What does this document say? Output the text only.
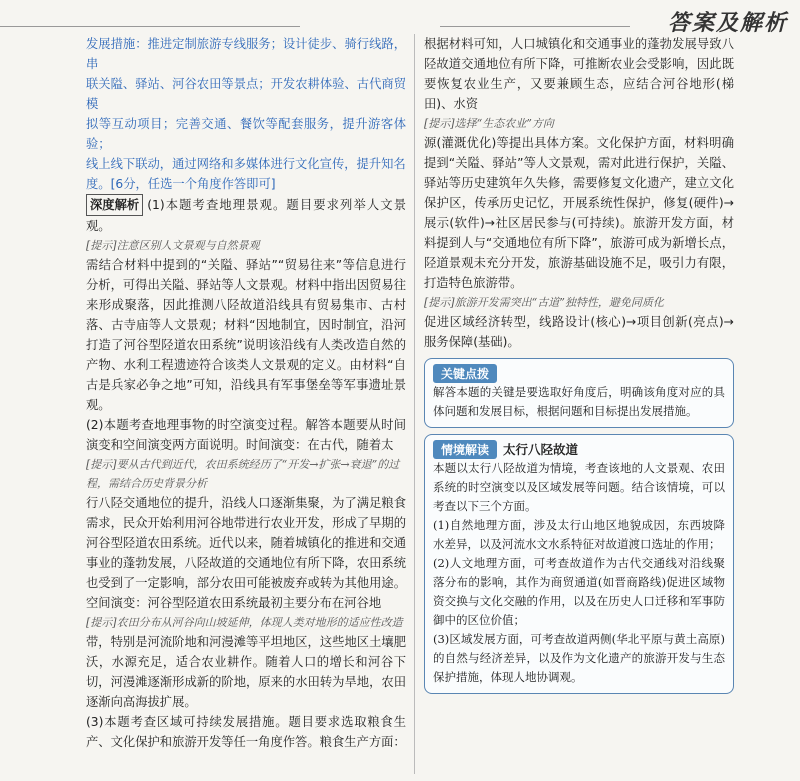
答案及解析
发展措施：推进定制旅游专线服务；设计徒步、骑行线路，串
联关隘、驿站、河谷农田等景点；开发农耕体验、古代商贸模
拟等互动项目；完善交通、餐饮等配套服务，提升游客体验；
线上线下联动，通过网络和多媒体进行文化宣传，提升知名
度。[6分，任选一个角度作答即可]
深度解析 (1)本题考查地理景观。题目要求列举人文景观。
[提示]注意区别人文景观与自然景观

需结合材料中提到的“关隘、驿站”“贸易往来”等信息进行分析，可得出关隘、驿站等人文景观。材料中指出因贸易往来形成聚落，因此推测八陉故道沿线具有贸易集市、古村落、古寺庙等人文景观；材料“因地制宜，因时制宜，沿河打造了河谷型陉道农田系统”说明该沿线有人类改造自然的产物、水利工程遗迹符合该类人文景观的定义。由材料“自古是兵家必争之地”可知，沿线具有军事堡垒等军事遗址景观。

(2)本题考查地理事物的时空演变过程。解答本题要从时间演变和空间演变两方面说明。时间演变：在古代，随着太

[提示]要从古代到近代，农田系统经历了“开发→扩张→衰退”的过程，需结合历史背景分析

行八陉交通地位的提升，沿线人口逐渐集聚，为了满足粮食需求，民众开始利用河谷地带进行农业开发，形成了早期的河谷型陉道农田系统。近代以来，随着城镇化的推进和交通事业的蓬勃发展，八陉故道的交通地位有所下降，农田系统也受到了一定影响，部分农田可能被废弃或转为其他用途。空间演变：河谷型陉道农田系统最初主要分布在河谷地

[提示]农田分布从河谷向山坡延伸，体现人类对地形的适应性改造

带，特别是河流阶地和河漫滩等平坦地区，这些地区土壤肥沃，水源充足，适合农业耕作。随着人口的增长和河谷下切，河漫滩逐渐形成新的阶地，原来的水田转为旱地，农田逐渐向高海拔扩展。

(3)本题考查区域可持续发展措施。题目要求选取粮食生产、文化保护和旅游开发等任一角度作答。粮食生产方面：

根据材料可知，人口城镇化和交通事业的蓬勃发展导致八陉故道交通地位有所下降，可推断农业会受影响，因此既要恢复农业生产，又要兼顾生态，应结合河谷地形(梯田)、水资

[提示]选择“生态农业”方向

源(灌溉优化)等提出具体方案。文化保护方面，材料明确提到“关隘、驿站”等人文景观，需对此进行保护，关隘、驿站等历史建筑年久失修，需要修复文化遗产，建立文化保护区，传承历史记忆，开展系统性保护，修复(硬件)→展示(软件)→社区居民参与(可持续)。旅游开发方面，材料提到人与“交通地位有所下降”，旅游可成为新增长点，陉道景观未充分开发，旅游基础设施不足，吸引力有限，打造特色旅游带。

[提示]旅游开发需突出“古道”独特性，避免同质化

促进区域经济转型，线路设计(核心)→项目创新(亮点)→服务保障(基础)。

关键点拨

解答本题的关键是要选取好角度后，明确该角度对应的具体问题和发展目标，根据问题和目标提出发展措施。

情境解读 太行八陉故道

本题以太行八陉故道为情境，考查该地的人文景观、农田系统的时空演变以及区域发展等问题。结合该情境，可以考查以下三个方面。

(1)自然地理方面，涉及太行山地区地貌成因，东西坡降水差异，以及河流水文水系特征对故道渡口选址的作用；

(2)人文地理方面，可考查故道作为古代交通线对沿线聚落分布的影响，其作为商贸通道(如晋商路线)促进区域物资交换与文化交融的作用，以及在历史人口迁移和军事防御中的区位价值；

(3)区域发展方面，可考查故道两侧(华北平原与黄土高原)的自然与经济差异，以及作为文化遗产的旅游开发与生态保护措施，体现人地协调观。
